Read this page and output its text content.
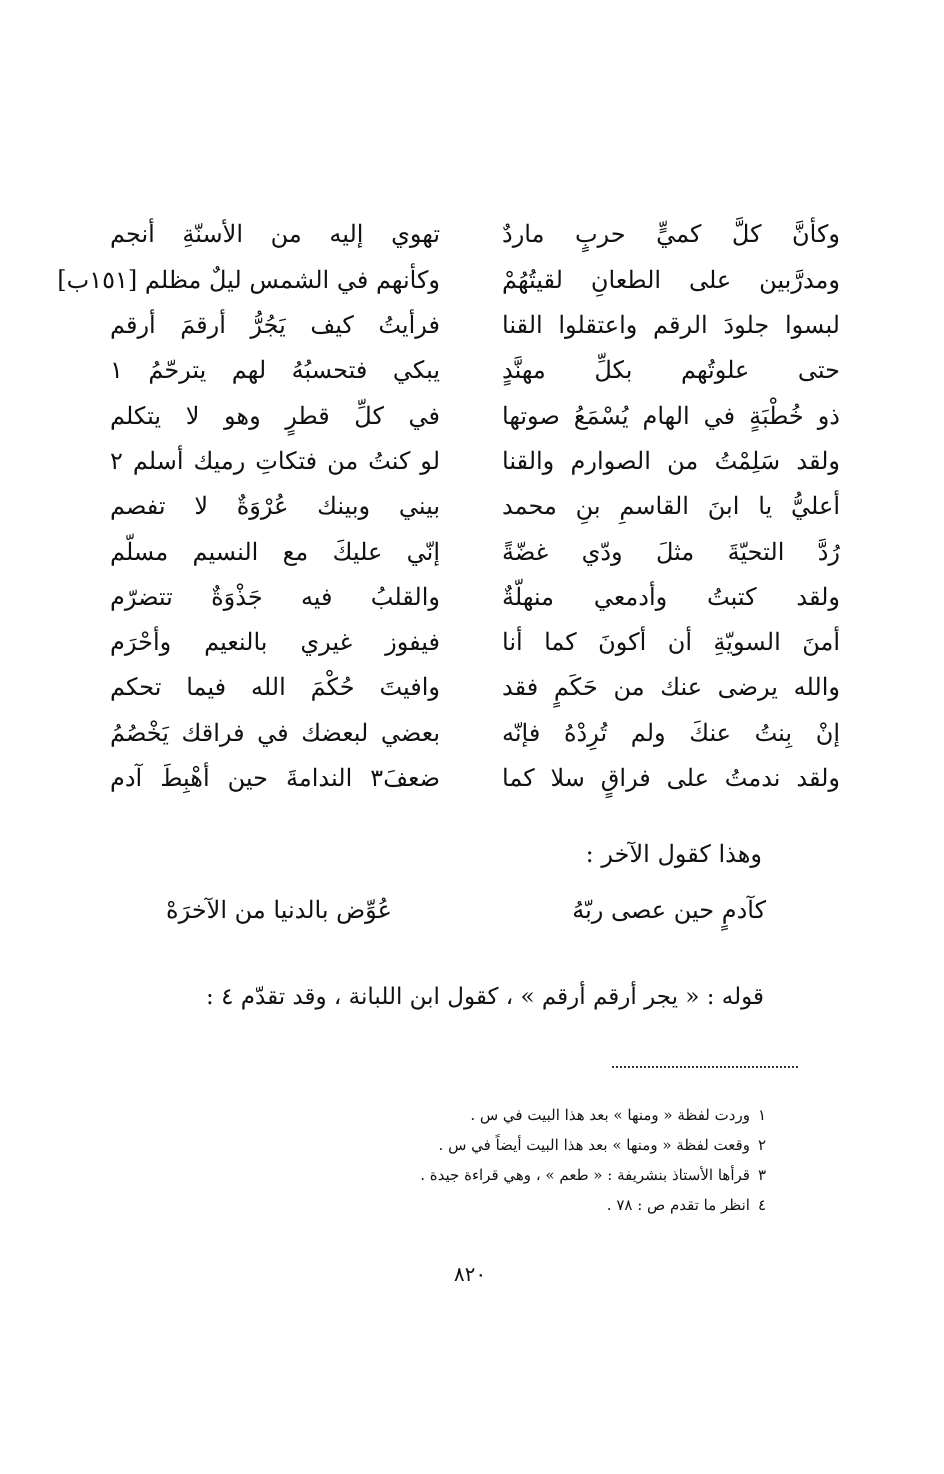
وكأنَّ كلَّ كميٍّ حربٍ ماردٌ
تهوي إليه من الأسنّةِ أنجم
ومدرَّبين على الطعانِ لقيتُهُمْ
وكأنهم في الشمس ليلٌ مظلم [١٥١ب]
لبسوا جلودَ الرقم واعتقلوا القنا
فرأيتُ كيف يَجُرُّ أرقمَ أرقم
حتى علوتُهم بكلِّ مهنَّدٍ
يبكي فتحسبُهُ لهم يترحّمُ ١
ذو خُطْبَةٍ في الهام يُسْمَعُ صوتها
في كلِّ قطرٍ وهو لا يتكلم
ولقد سَلِمْتُ من الصوارم والقنا
لو كنتُ من فتكاتِ رميك أسلم ٢
أعليُّ يا ابنَ القاسمِ بنِ محمد
بيني وبينك عُرْوَةٌ لا تفصم
رُدَّ التحيّةَ مثلَ ودّي غضّةً
إنّي عليكَ مع النسيم مسلّم
ولقد كتبتُ وأدمعي منهلّةٌ
والقلبُ فيه جَذْوَةٌ تتضرّم
أمنَ السويّةِ أن أكونَ كما أنا
فيفوز غيري بالنعيم وأحْرَم
والله يرضى عنك من حَكَمٍ فقد
وافيتَ حُكْمَ الله فيما تحكم
إنْ بِنتُ عنكَ ولم تُرِدْهُ فإنّه
بعضي لبعضك في فراقك يَخْصُمُ
ولقد ندمتُ على فراقٍ سلا كما
ضعفَ٣ الندامةَ حين أهْبِطَ آدم
وهذا كقول الآخر :
كآدمٍ حين عصى ربّهُ
عُوِّض بالدنيا من الآخرَهْ
قوله : « يجر أرقم أرقم » ، كقول ابن اللبانة ، وقد تقدّم ٤ :
١وردت لفظة « ومنها » بعد هذا البيت في س .
٢وقعت لفظة « ومنها » بعد هذا البيت أيضاً في س .
٣قرأها الأستاذ بنشريفة : « طعم » ، وهي قراءة جيدة .
٤انظر ما تقدم ص : ٧٨ .
٨٢٠
